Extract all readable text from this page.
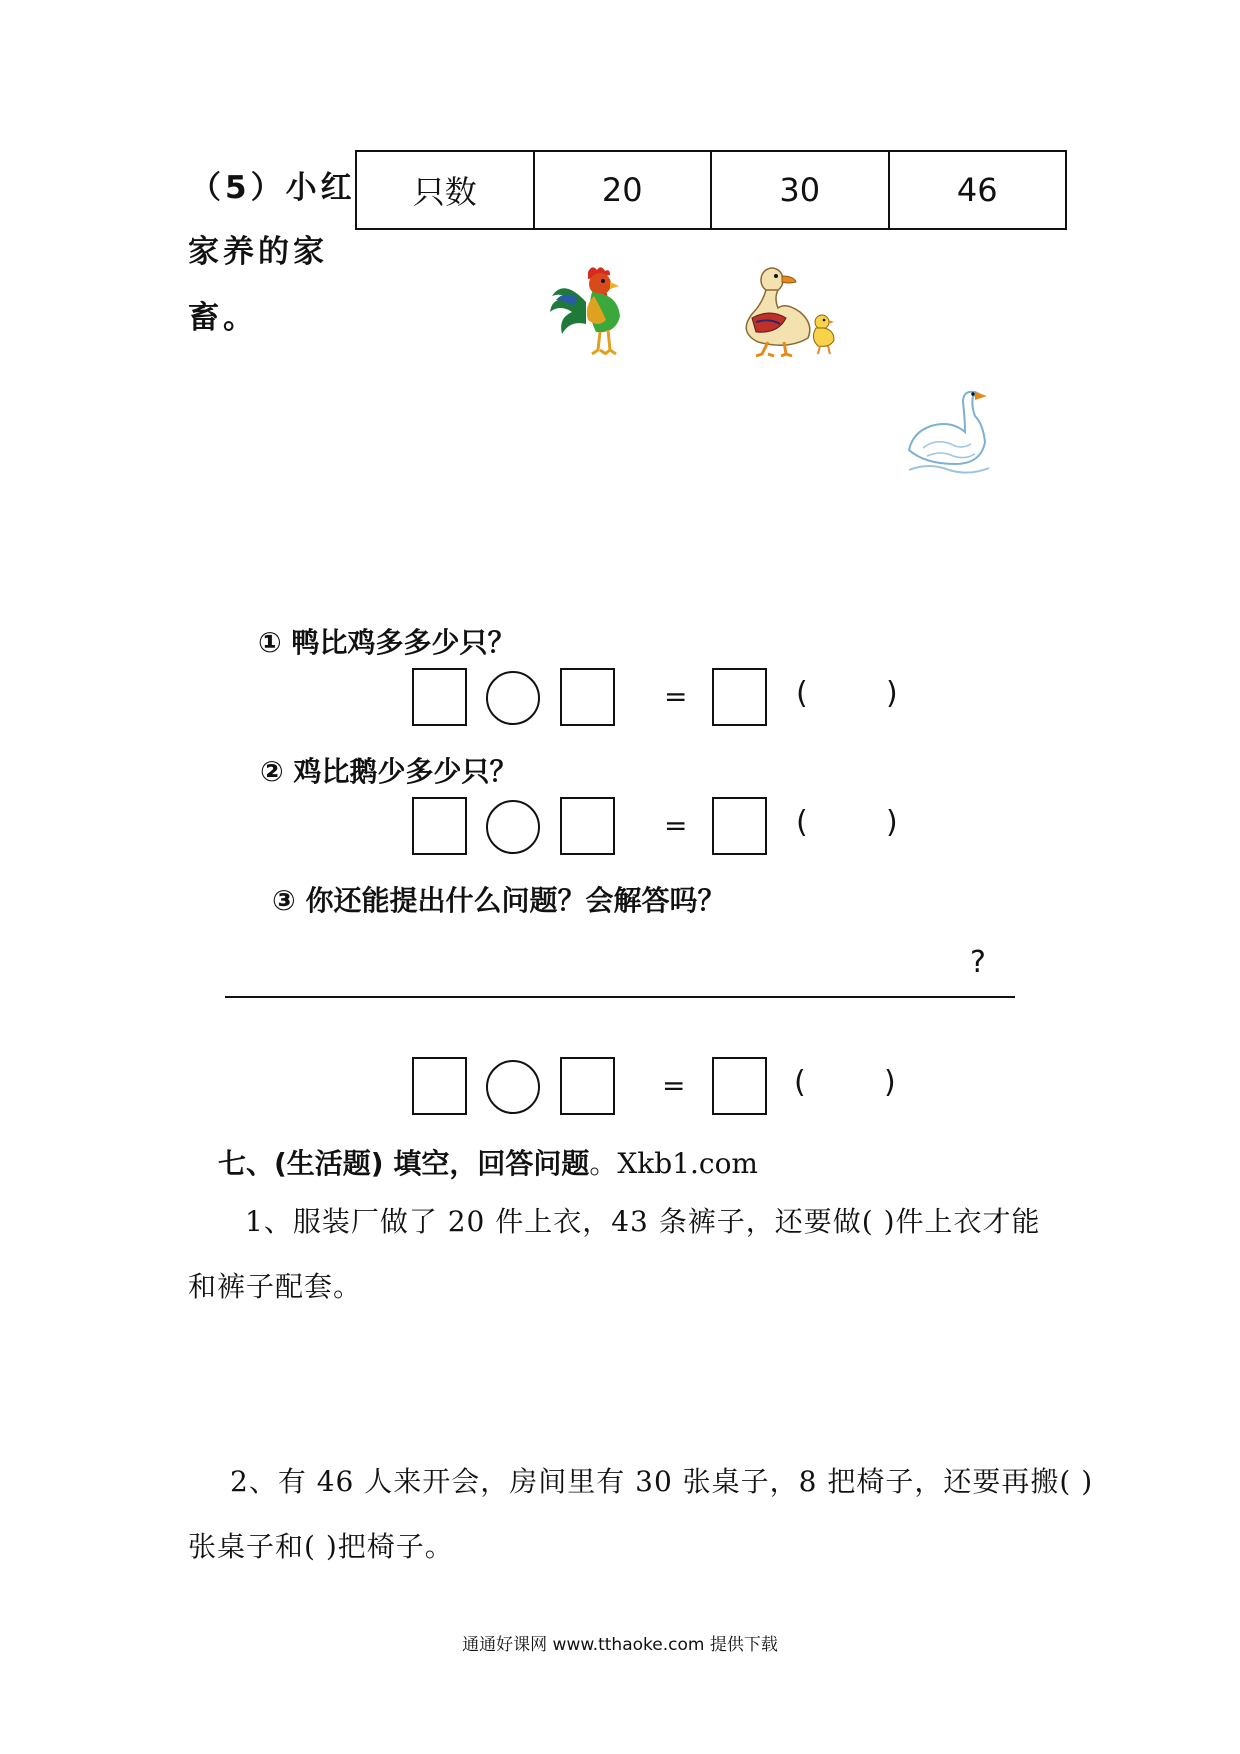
（5）小红
家养的家
畜。
只数	20	30	46
① 鸭比鸡多多少只？
=	(	)
② 鸡比鹅少多少只？
=	(	)
③ 你还能提出什么问题？会解答吗？
?
=	(	)
七、(生活题) 填空，回答问题。Xkb1.com
1、服装厂做了 20 件上衣，43 条裤子，还要做( )件上衣才能
和裤子配套。
2、有 46 人来开会，房间里有 30 张桌子，8 把椅子，还要再搬( )
张桌子和( )把椅子。
通通好课网 www.tthaoke.com 提供下载
